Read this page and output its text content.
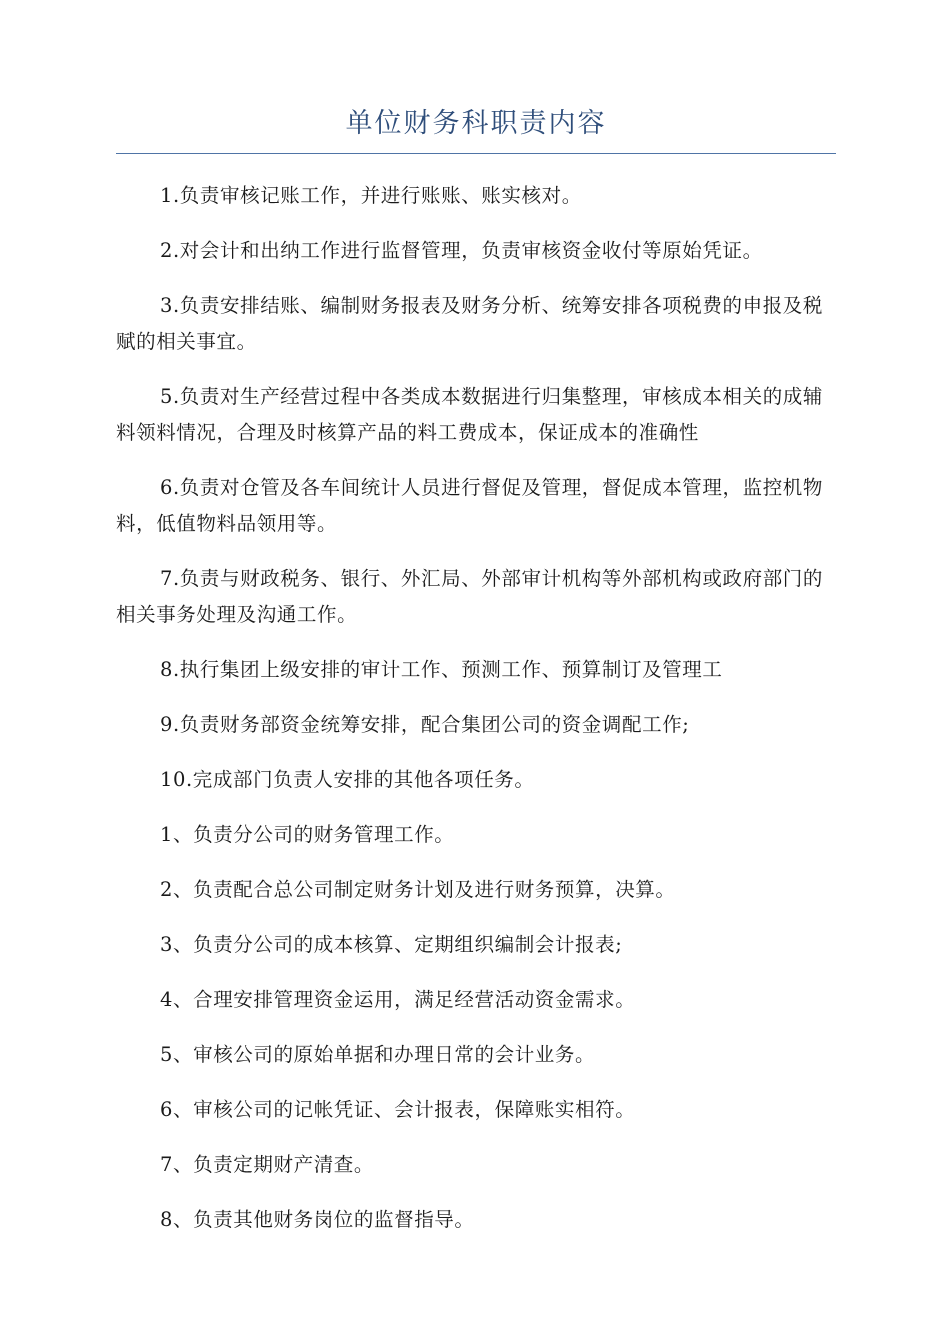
单位财务科职责内容

1.负责审核记账工作，并进行账账、账实核对。

2.对会计和出纳工作进行监督管理，负责审核资金收付等原始凭证。

3.负责安排结账、编制财务报表及财务分析、统筹安排各项税费的申报及税赋的相关事宜。

5.负责对生产经营过程中各类成本数据进行归集整理，审核成本相关的成辅料领料情况，合理及时核算产品的料工费成本，保证成本的准确性

6.负责对仓管及各车间统计人员进行督促及管理，督促成本管理，监控机物料，低值物料品领用等。

7.负责与财政税务、银行、外汇局、外部审计机构等外部机构或政府部门的相关事务处理及沟通工作。

8.执行集团上级安排的审计工作、预测工作、预算制订及管理工

9.负责财务部资金统筹安排，配合集团公司的资金调配工作;

10.完成部门负责人安排的其他各项任务。

1、负责分公司的财务管理工作。

2、负责配合总公司制定财务计划及进行财务预算，决算。

3、负责分公司的成本核算、定期组织编制会计报表;

4、合理安排管理资金运用，满足经营活动资金需求。

5、审核公司的原始单据和办理日常的会计业务。

6、审核公司的记帐凭证、会计报表，保障账实相符。

7、负责定期财产清查。

8、负责其他财务岗位的监督指导。
